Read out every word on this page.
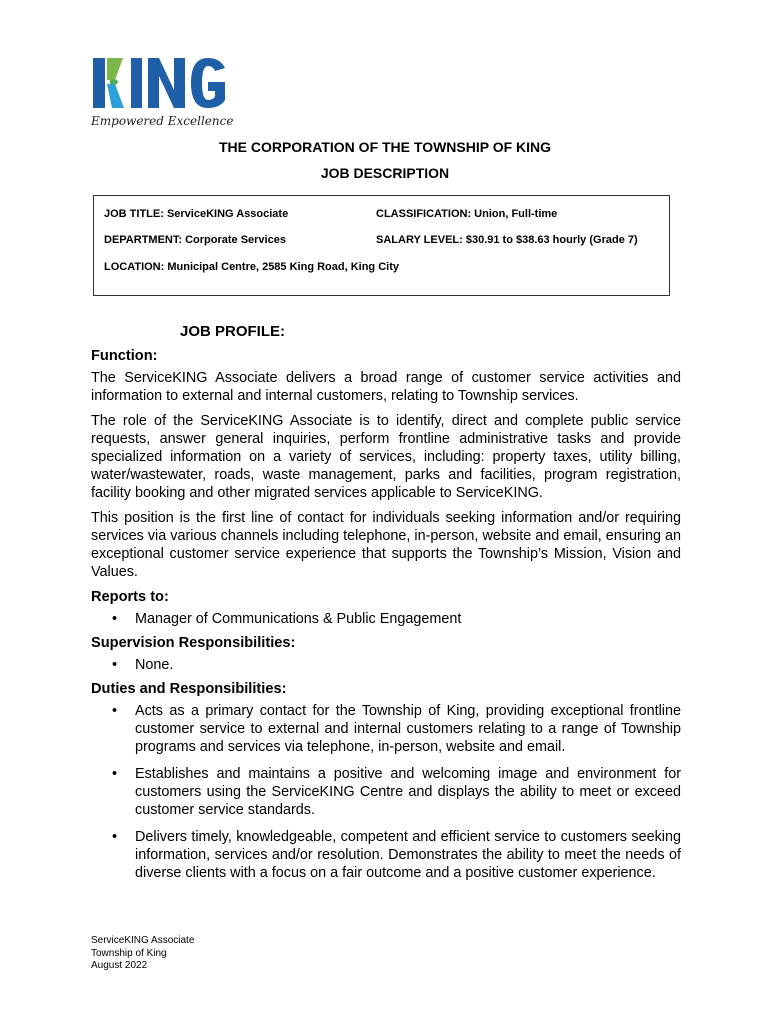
Empowered Excellence
THE CORPORATION OF THE TOWNSHIP OF KING
JOB DESCRIPTION
JOB TITLE: ServiceKING Associate	CLASSIFICATION: Union, Full-time
DEPARTMENT: Corporate Services	SALARY LEVEL: $30.91 to $38.63 hourly (Grade 7)
LOCATION: Municipal Centre, 2585 King Road, King City
JOB PROFILE:
Function:

The ServiceKING Associate delivers a broad range of customer service activities and information to external and internal customers, relating to Township services.

The role of the ServiceKING Associate is to identify, direct and complete public service requests, answer general inquiries, perform frontline administrative tasks and provide specialized information on a variety of services, including: property taxes, utility billing, water/wastewater, roads, waste management, parks and facilities, program registration, facility booking and other migrated services applicable to ServiceKING.

This position is the first line of contact for individuals seeking information and/or requiring services via various channels including telephone, in-person, website and email, ensuring an exceptional customer service experience that supports the Township’s Mission, Vision and Values.

Reports to:
• Manager of Communications & Public Engagement
Supervision Responsibilities:
• None.
Duties and Responsibilities:
• Acts as a primary contact for the Township of King, providing exceptional frontline customer service to external and internal customers relating to a range of Township programs and services via telephone, in-person, website and email.
• Establishes and maintains a positive and welcoming image and environment for customers using the ServiceKING Centre and displays the ability to meet or exceed customer service standards.
• Delivers timely, knowledgeable, competent and efficient service to customers seeking information, services and/or resolution. Demonstrates the ability to meet the needs of diverse clients with a focus on a fair outcome and a positive customer experience.
ServiceKING Associate
Township of King
August 2022
